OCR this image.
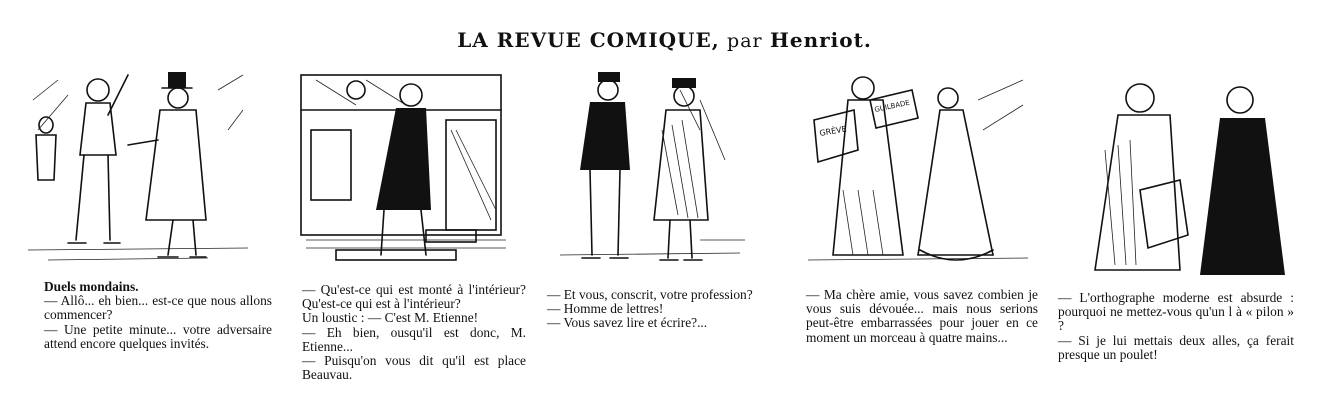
LA REVUE COMIQUE, par Henriot.
GRÈVE
GUILBADE

Duels mondains.

— Allô... eh bien... est-ce que nous allons commencer?

— Une petite minute... votre adversaire attend encore quelques invités.

— Qu'est-ce qui est monté à l'intérieur? Qu'est-ce qui est à l'intérieur?

Un loustic : — C'est M. Etienne!

— Eh bien, ousqu'il est donc, M. Etienne...

— Puisqu'on vous dit qu'il est place Beauvau.

— Et vous, conscrit, votre profession?

— Homme de lettres!

— Vous savez lire et écrire?...

— Ma chère amie, vous savez combien je vous suis dévouée... mais nous serions peut-être embarrassées pour jouer en ce moment un morceau à quatre mains...

— L'orthographe moderne est absurde : pourquoi ne mettez-vous qu'un l à « pilon » ?

— Si je lui mettais deux alles, ça ferait presque un poulet!
